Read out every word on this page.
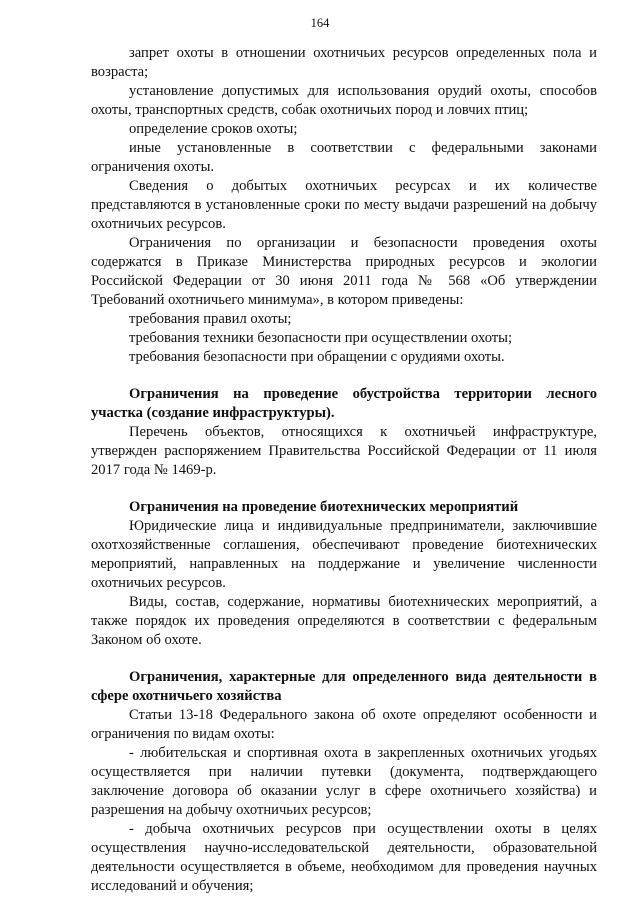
164

запрет охоты в отношении охотничьих ресурсов определенных пола и возраста;

установление допустимых для использования орудий охоты, способов охоты, транспортных средств, собак охотничьих пород и ловчих птиц;

определение сроков охоты;

иные установленные в соответствии с федеральными законами ограничения охоты.

Сведения о добытых охотничьих ресурсах и их количестве представляются в установленные сроки по месту выдачи разрешений на добычу охотничьих ресурсов.

Ограничения по организации и безопасности проведения охоты содержатся в Приказе Министерства природных ресурсов и экологии Российской Федерации от 30 июня 2011 года № 568 «Об утверждении Требований охотничьего минимума», в котором приведены:

требования правил охоты;

требования техники безопасности при осуществлении охоты;

требования безопасности при обращении с орудиями охоты.

Ограничения на проведение обустройства территории лесного участка (создание инфраструктуры).

Перечень объектов, относящихся к охотничьей инфраструктуре, утвержден распоряжением Правительства Российской Федерации от 11 июля 2017 года № 1469-р.

Ограничения на проведение биотехнических мероприятий

Юридические лица и индивидуальные предприниматели, заключившие охотхозяйственные соглашения, обеспечивают проведение биотехнических мероприятий, направленных на поддержание и увеличение численности охотничьих ресурсов.

Виды, состав, содержание, нормативы биотехнических мероприятий, а также порядок их проведения определяются в соответствии с федеральным Законом об охоте.

Ограничения, характерные для определенного вида деятельности в сфере охотничьего хозяйства

Статьи 13-18 Федерального закона об охоте определяют особенности и ограничения по видам охоты:

- любительская и спортивная охота в закрепленных охотничьих угодьях осуществляется при наличии путевки (документа, подтверждающего заключение договора об оказании услуг в сфере охотничьего хозяйства) и разрешения на добычу охотничьих ресурсов;

- добыча охотничьих ресурсов при осуществлении охоты в целях осуществления научно-исследовательской деятельности, образовательной деятельности осуществляется в объеме, необходимом для проведения научных исследований и обучения;
